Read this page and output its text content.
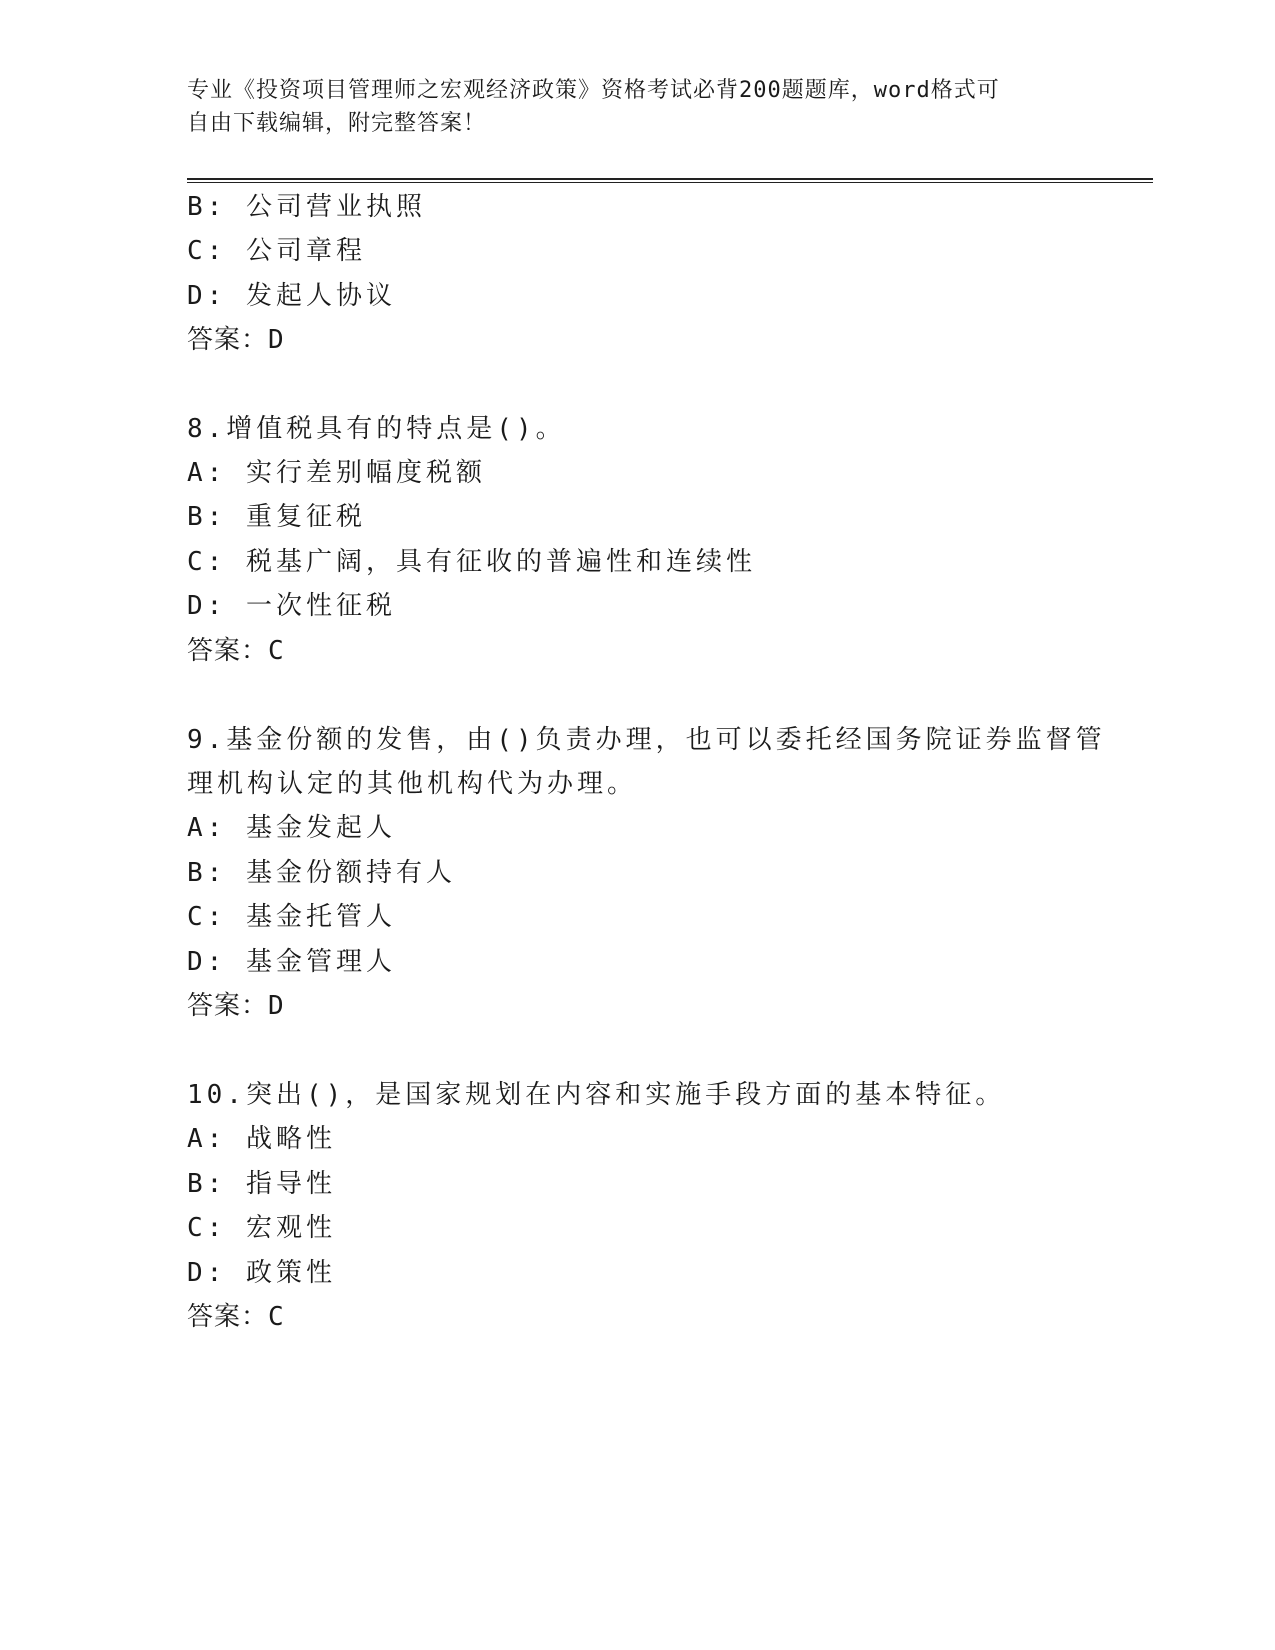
专业《投资项目管理师之宏观经济政策》资格考试必背200题题库，word格式可
自由下载编辑，附完整答案！
B: 公司营业执照
C: 公司章程
D: 发起人协议
答案：D
8.增值税具有的特点是()。
A: 实行差别幅度税额
B: 重复征税
C: 税基广阔，具有征收的普遍性和连续性
D: 一次性征税
答案：C
9.基金份额的发售，由()负责办理，也可以委托经国务院证券监督管
理机构认定的其他机构代为办理。
A: 基金发起人
B: 基金份额持有人
C: 基金托管人
D: 基金管理人
答案：D
10.突出()，是国家规划在内容和实施手段方面的基本特征。
A: 战略性
B: 指导性
C: 宏观性
D: 政策性
答案：C
